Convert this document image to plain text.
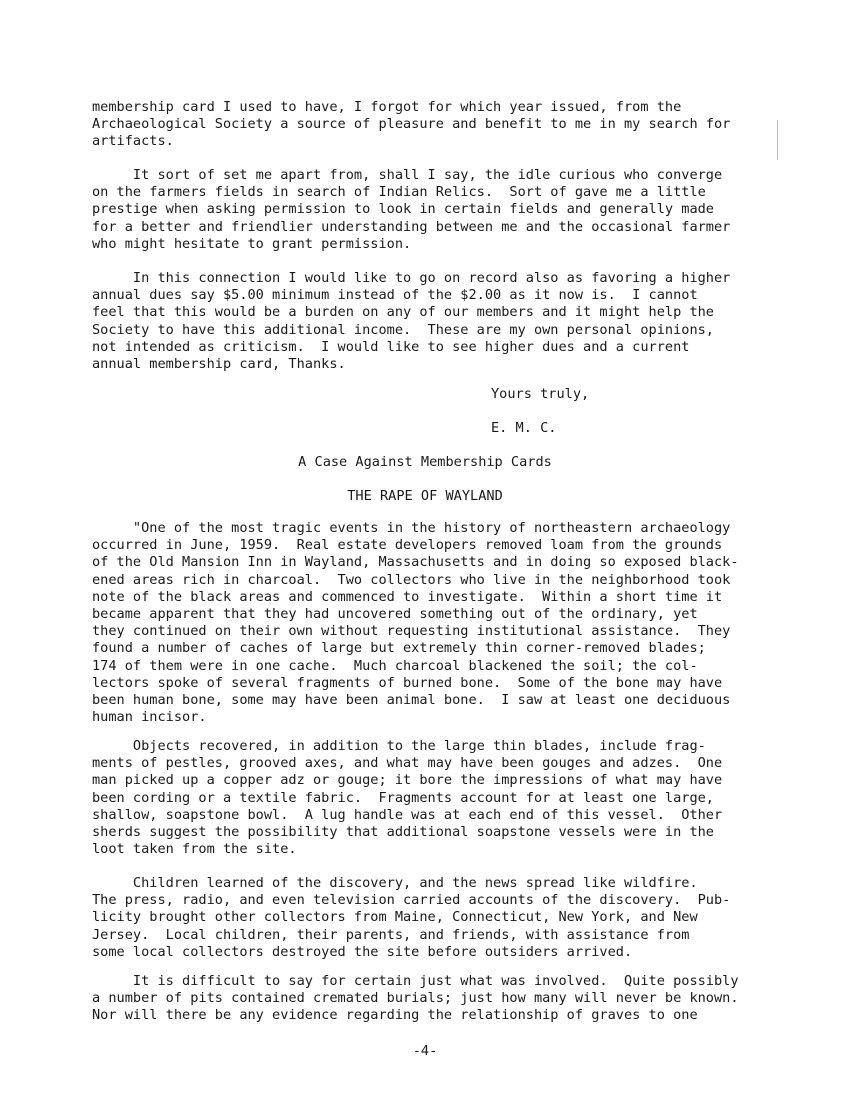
membership card I used to have, I forgot for which year issued, from the
Archaeological Society a source of pleasure and benefit to me in my search for
artifacts.
It sort of set me apart from, shall I say, the idle curious who converge
on the farmers fields in search of Indian Relics.  Sort of gave me a little
prestige when asking permission to look in certain fields and generally made
for a better and friendlier understanding between me and the occasional farmer
who might hesitate to grant permission.
In this connection I would like to go on record also as favoring a higher
annual dues say $5.00 minimum instead of the $2.00 as it now is.  I cannot
feel that this would be a burden on any of our members and it might help the
Society to have this additional income.  These are my own personal opinions,
not intended as criticism.  I would like to see higher dues and a current
annual membership card, Thanks.
Yours truly,
E. M. C.
A Case Against Membership Cards
THE RAPE OF WAYLAND
"One of the most tragic events in the history of northeastern archaeology
occurred in June, 1959.  Real estate developers removed loam from the grounds
of the Old Mansion Inn in Wayland, Massachusetts and in doing so exposed black-
ened areas rich in charcoal.  Two collectors who live in the neighborhood took
note of the black areas and commenced to investigate.  Within a short time it
became apparent that they had uncovered something out of the ordinary, yet
they continued on their own without requesting institutional assistance.  They
found a number of caches of large but extremely thin corner-removed blades;
174 of them were in one cache.  Much charcoal blackened the soil; the col-
lectors spoke of several fragments of burned bone.  Some of the bone may have
been human bone, some may have been animal bone.  I saw at least one deciduous
human incisor.
Objects recovered, in addition to the large thin blades, include frag-
ments of pestles, grooved axes, and what may have been gouges and adzes.  One
man picked up a copper adz or gouge; it bore the impressions of what may have
been cording or a textile fabric.  Fragments account for at least one large,
shallow, soapstone bowl.  A lug handle was at each end of this vessel.  Other
sherds suggest the possibility that additional soapstone vessels were in the
loot taken from the site.
Children learned of the discovery, and the news spread like wildfire.
The press, radio, and even television carried accounts of the discovery.  Pub-
licity brought other collectors from Maine, Connecticut, New York, and New
Jersey.  Local children, their parents, and friends, with assistance from
some local collectors destroyed the site before outsiders arrived.
It is difficult to say for certain just what was involved.  Quite possibly
a number of pits contained cremated burials; just how many will never be known.
Nor will there be any evidence regarding the relationship of graves to one
-4-
